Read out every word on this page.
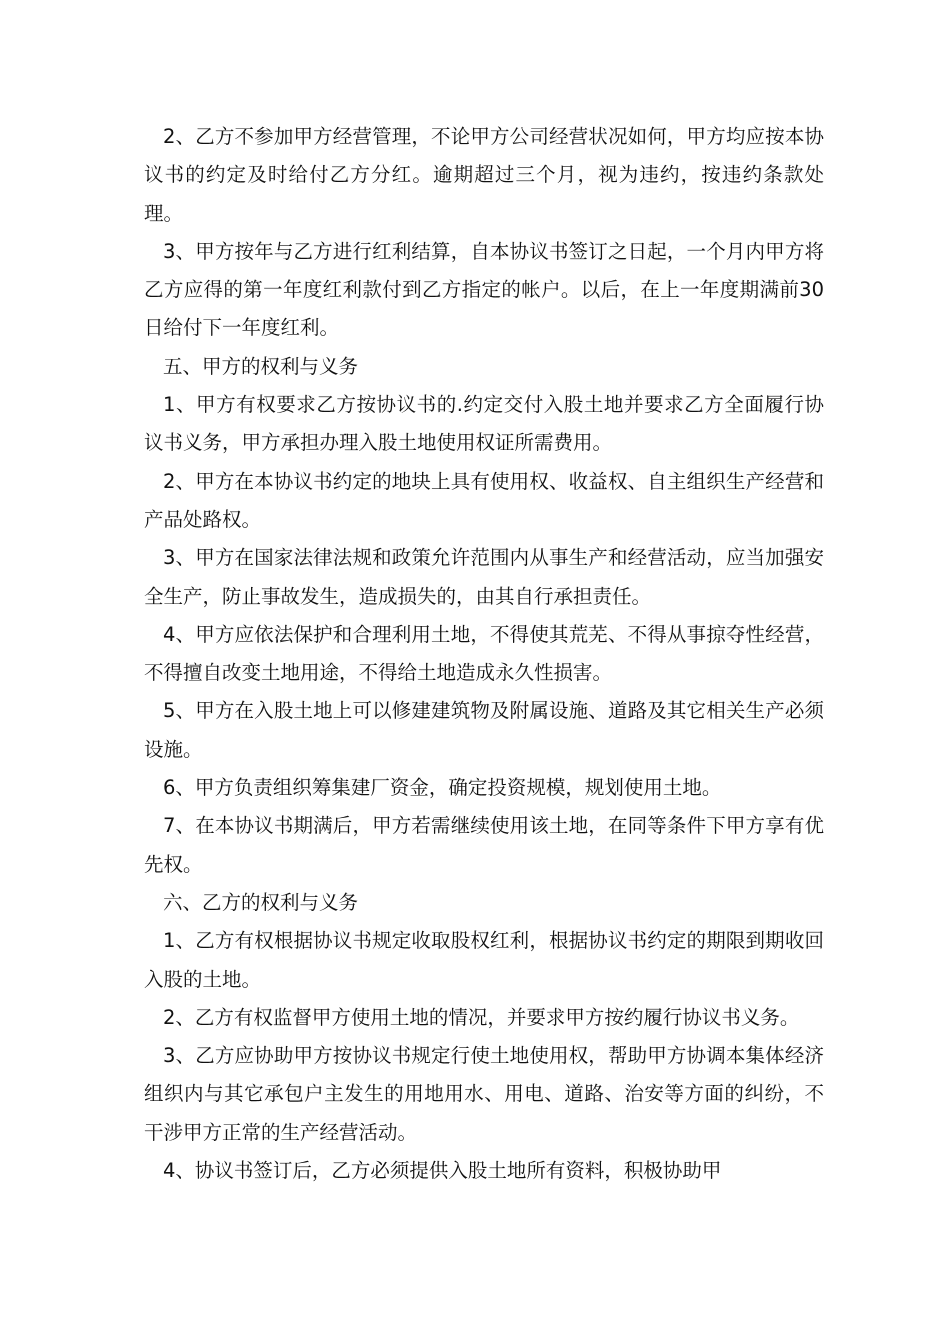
2、乙方不参加甲方经营管理，不论甲方公司经营状况如何，甲方均应按本协议书的约定及时给付乙方分红。逾期超过三个月，视为违约，按违约条款处理。

3、甲方按年与乙方进行红利结算，自本协议书签订之日起，一个月内甲方将乙方应得的第一年度红利款付到乙方指定的帐户。以后，在上一年度期满前30日给付下一年度红利。

五、甲方的权利与义务

1、甲方有权要求乙方按协议书的.约定交付入股土地并要求乙方全面履行协议书义务，甲方承担办理入股土地使用权证所需费用。

2、甲方在本协议书约定的地块上具有使用权、收益权、自主组织生产经营和产品处路权。

3、甲方在国家法律法规和政策允许范围内从事生产和经营活动，应当加强安全生产，防止事故发生，造成损失的，由其自行承担责任。

4、甲方应依法保护和合理利用土地，不得使其荒芜、不得从事掠夺性经营，不得擅自改变土地用途，不得给土地造成永久性损害。

5、甲方在入股土地上可以修建建筑物及附属设施、道路及其它相关生产必须设施。

6、甲方负责组织筹集建厂资金，确定投资规模，规划使用土地。

7、在本协议书期满后，甲方若需继续使用该土地，在同等条件下甲方享有优先权。

六、乙方的权利与义务

1、乙方有权根据协议书规定收取股权红利，根据协议书约定的期限到期收回入股的土地。

2、乙方有权监督甲方使用土地的情况，并要求甲方按约履行协议书义务。

3、乙方应协助甲方按协议书规定行使土地使用权，帮助甲方协调本集体经济组织内与其它承包户主发生的用地用水、用电、道路、治安等方面的纠纷，不干涉甲方正常的生产经营活动。

4、协议书签订后，乙方必须提供入股土地所有资料，积极协助甲
